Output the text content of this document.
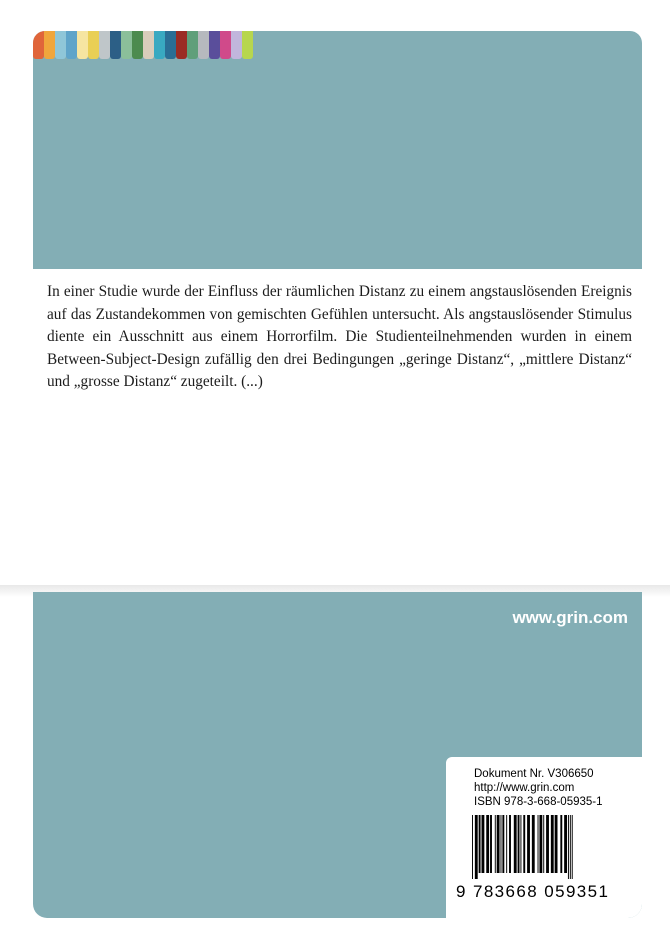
In einer Studie wurde der Einfluss der räumlichen Distanz zu einem angstauslösenden Ereignis auf das Zustandekommen von gemischten Gefühlen untersucht. Als angstauslösender Stimulus diente ein Ausschnitt aus einem Horrorfilm. Die Studienteilnehmenden wurden in einem Between-Subject-Design zufällig den drei Bedingungen „geringe Distanz“, „mittlere Distanz“ und „grosse Distanz“ zugeteilt. (...)

www.grin.com
Dokument Nr. V306650
http://www.grin.com
ISBN 978-3-668-05935-1
9 783668 059351
